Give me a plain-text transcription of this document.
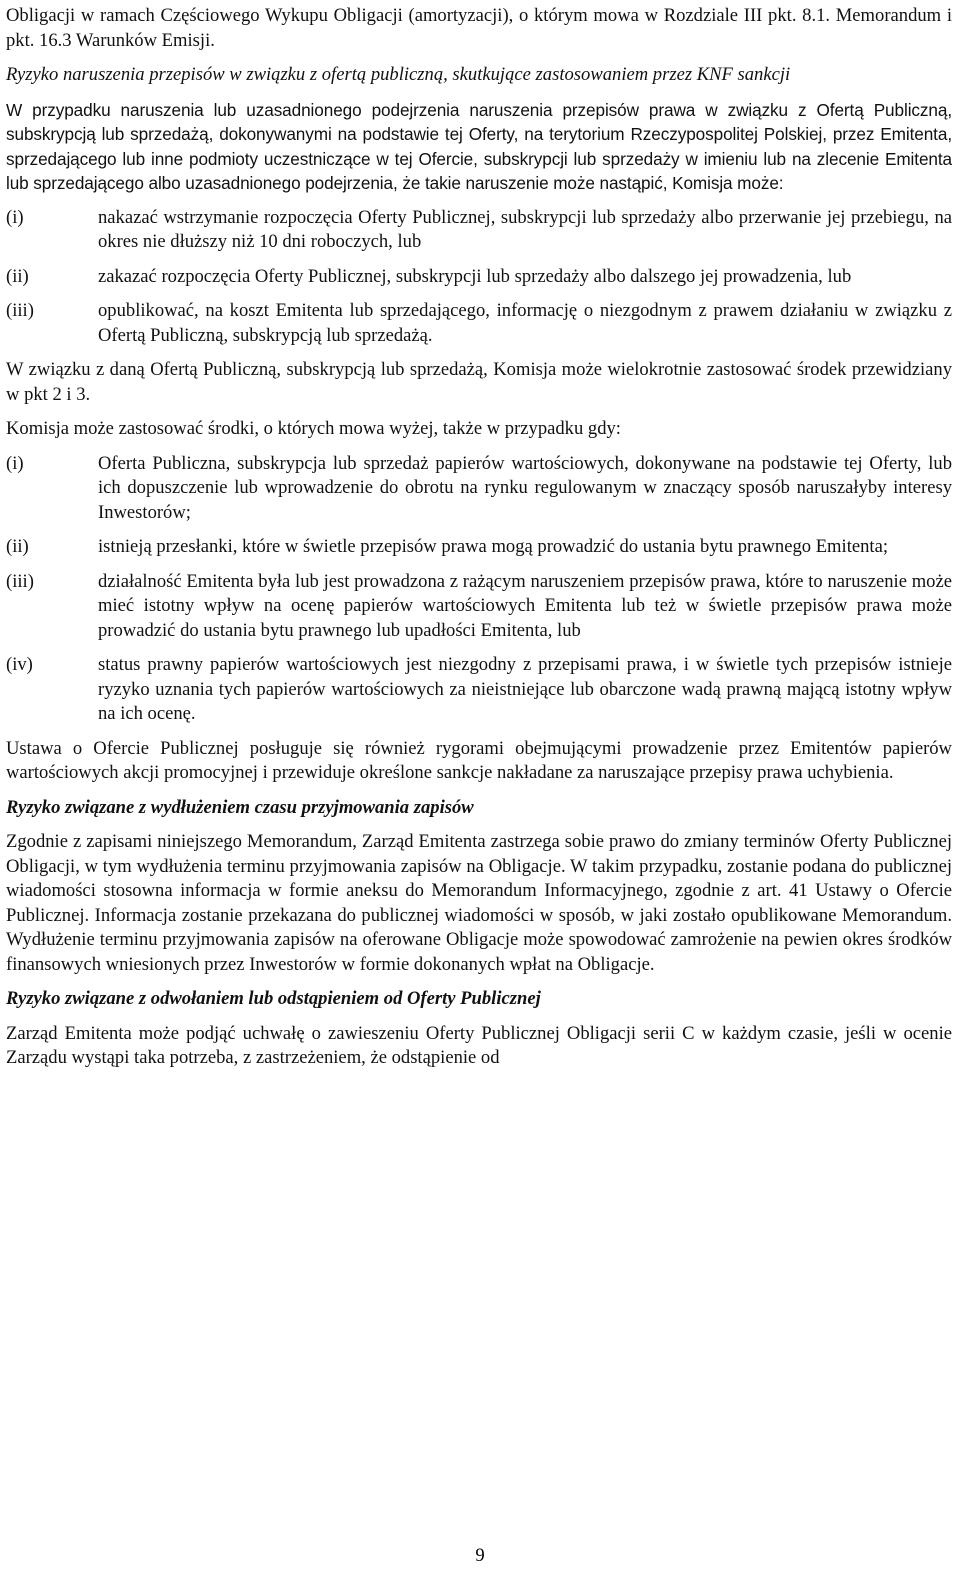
Obligacji w ramach Częściowego Wykupu Obligacji (amortyzacji), o którym mowa w Rozdziale III pkt. 8.1. Memorandum i pkt. 16.3 Warunków Emisji.

Ryzyko naruszenia przepisów w związku z ofertą publiczną, skutkujące zastosowaniem przez KNF sankcji

W przypadku naruszenia lub uzasadnionego podejrzenia naruszenia przepisów prawa w związku z Ofertą Publiczną, subskrypcją lub sprzedażą, dokonywanymi na podstawie tej Oferty, na terytorium Rzeczypospolitej Polskiej, przez Emitenta, sprzedającego lub inne podmioty uczestniczące w tej Ofercie, subskrypcji lub sprzedaży w imieniu lub na zlecenie Emitenta lub sprzedającego albo uzasadnionego podejrzenia, że takie naruszenie może nastąpić, Komisja może:

(i)	nakazać wstrzymanie rozpoczęcia Oferty Publicznej, subskrypcji lub sprzedaży albo przerwanie jej przebiegu, na okres nie dłuższy niż 10 dni roboczych, lub
(ii)	zakazać rozpoczęcia Oferty Publicznej, subskrypcji lub sprzedaży albo dalszego jej prowadzenia, lub
(iii)	opublikować, na koszt Emitenta lub sprzedającego, informację o niezgodnym z prawem działaniu w związku z Ofertą Publiczną, subskrypcją lub sprzedażą.

W związku z daną Ofertą Publiczną, subskrypcją lub sprzedażą, Komisja może wielokrotnie zastosować środek przewidziany w pkt 2 i 3.

Komisja może zastosować środki, o których mowa wyżej, także w przypadku gdy:

(i)	Oferta Publiczna, subskrypcja lub sprzedaż papierów wartościowych, dokonywane na podstawie tej Oferty, lub ich dopuszczenie lub wprowadzenie do obrotu na rynku regulowanym w znaczący sposób naruszałyby interesy Inwestorów;
(ii)	istnieją przesłanki, które w świetle przepisów prawa mogą prowadzić do ustania bytu prawnego Emitenta;
(iii)	działalność Emitenta była lub jest prowadzona z rażącym naruszeniem przepisów prawa, które to naruszenie może mieć istotny wpływ na ocenę papierów wartościowych Emitenta lub też w świetle przepisów prawa może prowadzić do ustania bytu prawnego lub upadłości Emitenta, lub
(iv)	status prawny papierów wartościowych jest niezgodny z przepisami prawa, i w świetle tych przepisów istnieje ryzyko uznania tych papierów wartościowych za nieistniejące lub obarczone wadą prawną mającą istotny wpływ na ich ocenę.

Ustawa o Ofercie Publicznej posługuje się również rygorami obejmującymi prowadzenie przez Emitentów papierów wartościowych akcji promocyjnej i przewiduje określone sankcje nakładane za naruszające przepisy prawa uchybienia.

Ryzyko związane z wydłużeniem czasu przyjmowania zapisów

Zgodnie z zapisami niniejszego Memorandum, Zarząd Emitenta zastrzega sobie prawo do zmiany terminów Oferty Publicznej Obligacji, w tym wydłużenia terminu przyjmowania zapisów na Obligacje. W takim przypadku, zostanie podana do publicznej wiadomości stosowna informacja w formie aneksu do Memorandum Informacyjnego, zgodnie z art. 41 Ustawy o Ofercie Publicznej. Informacja zostanie przekazana do publicznej wiadomości w sposób, w jaki zostało opublikowane Memorandum. Wydłużenie terminu przyjmowania zapisów na oferowane Obligacje może spowodować zamrożenie na pewien okres środków finansowych wniesionych przez Inwestorów w formie dokonanych wpłat na Obligacje.

Ryzyko związane z odwołaniem lub odstąpieniem od Oferty Publicznej

Zarząd Emitenta może podjąć uchwałę o zawieszeniu Oferty Publicznej Obligacji serii C w każdym czasie, jeśli w ocenie Zarządu wystąpi taka potrzeba, z zastrzeżeniem, że odstąpienie od

9
